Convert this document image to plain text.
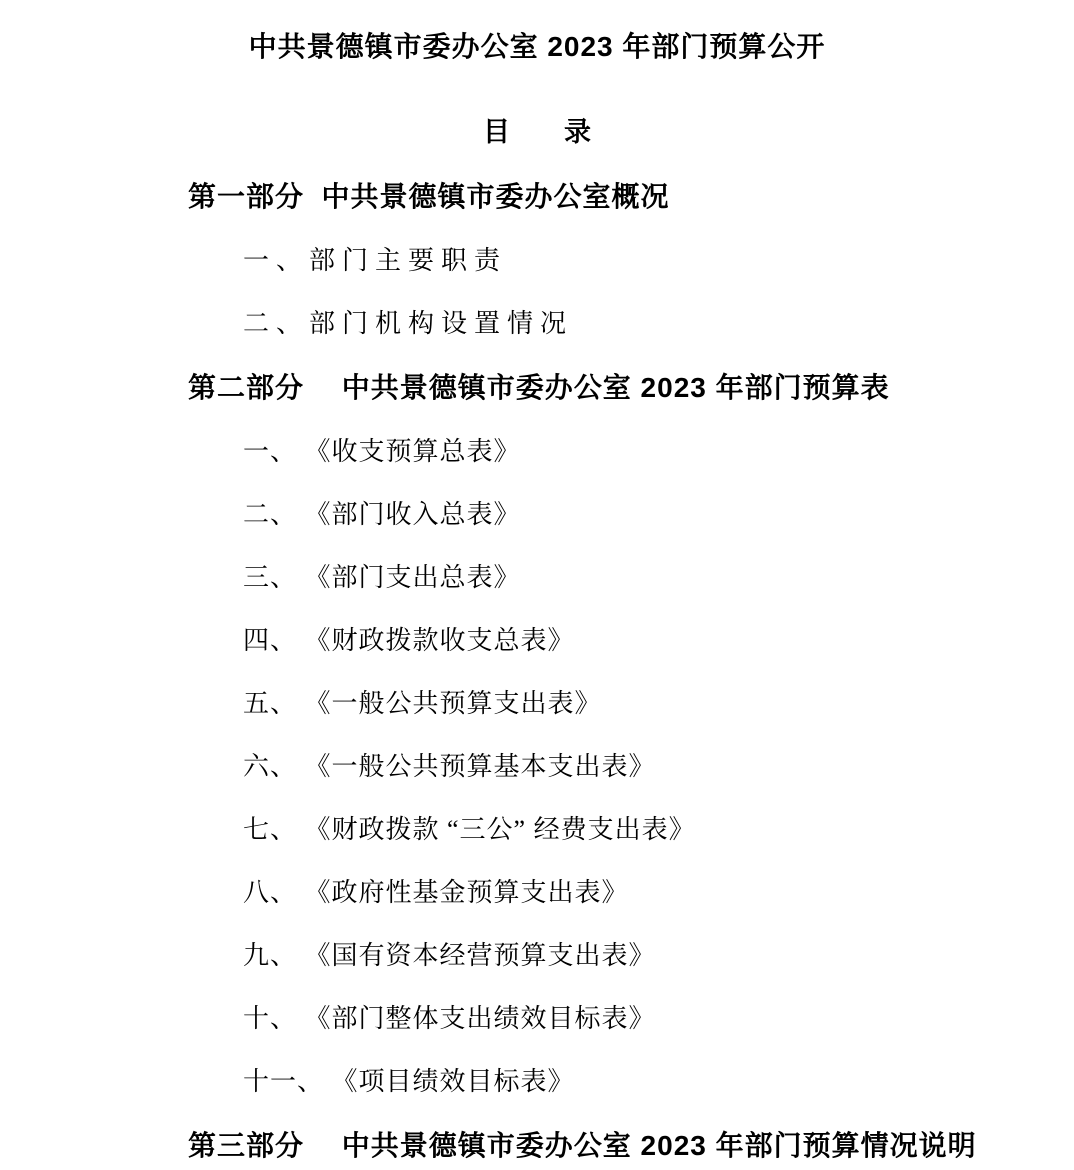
中共景德镇市委办公室 2023 年部门预算公开
目　　录
第一部分  中共景德镇市委办公室概况
一、部门主要职责
二、部门机构设置情况
第二部分　 中共景德镇市委办公室 2023 年部门预算表
一、 《收支预算总表》
二、 《部门收入总表》
三、 《部门支出总表》
四、 《财政拨款收支总表》
五、 《一般公共预算支出表》
六、 《一般公共预算基本支出表》
七、 《财政拨款 “三公” 经费支出表》
八、 《政府性基金预算支出表》
九、 《国有资本经营预算支出表》
十、 《部门整体支出绩效目标表》
十一、 《项目绩效目标表》
第三部分　 中共景德镇市委办公室 2023 年部门预算情况说明
